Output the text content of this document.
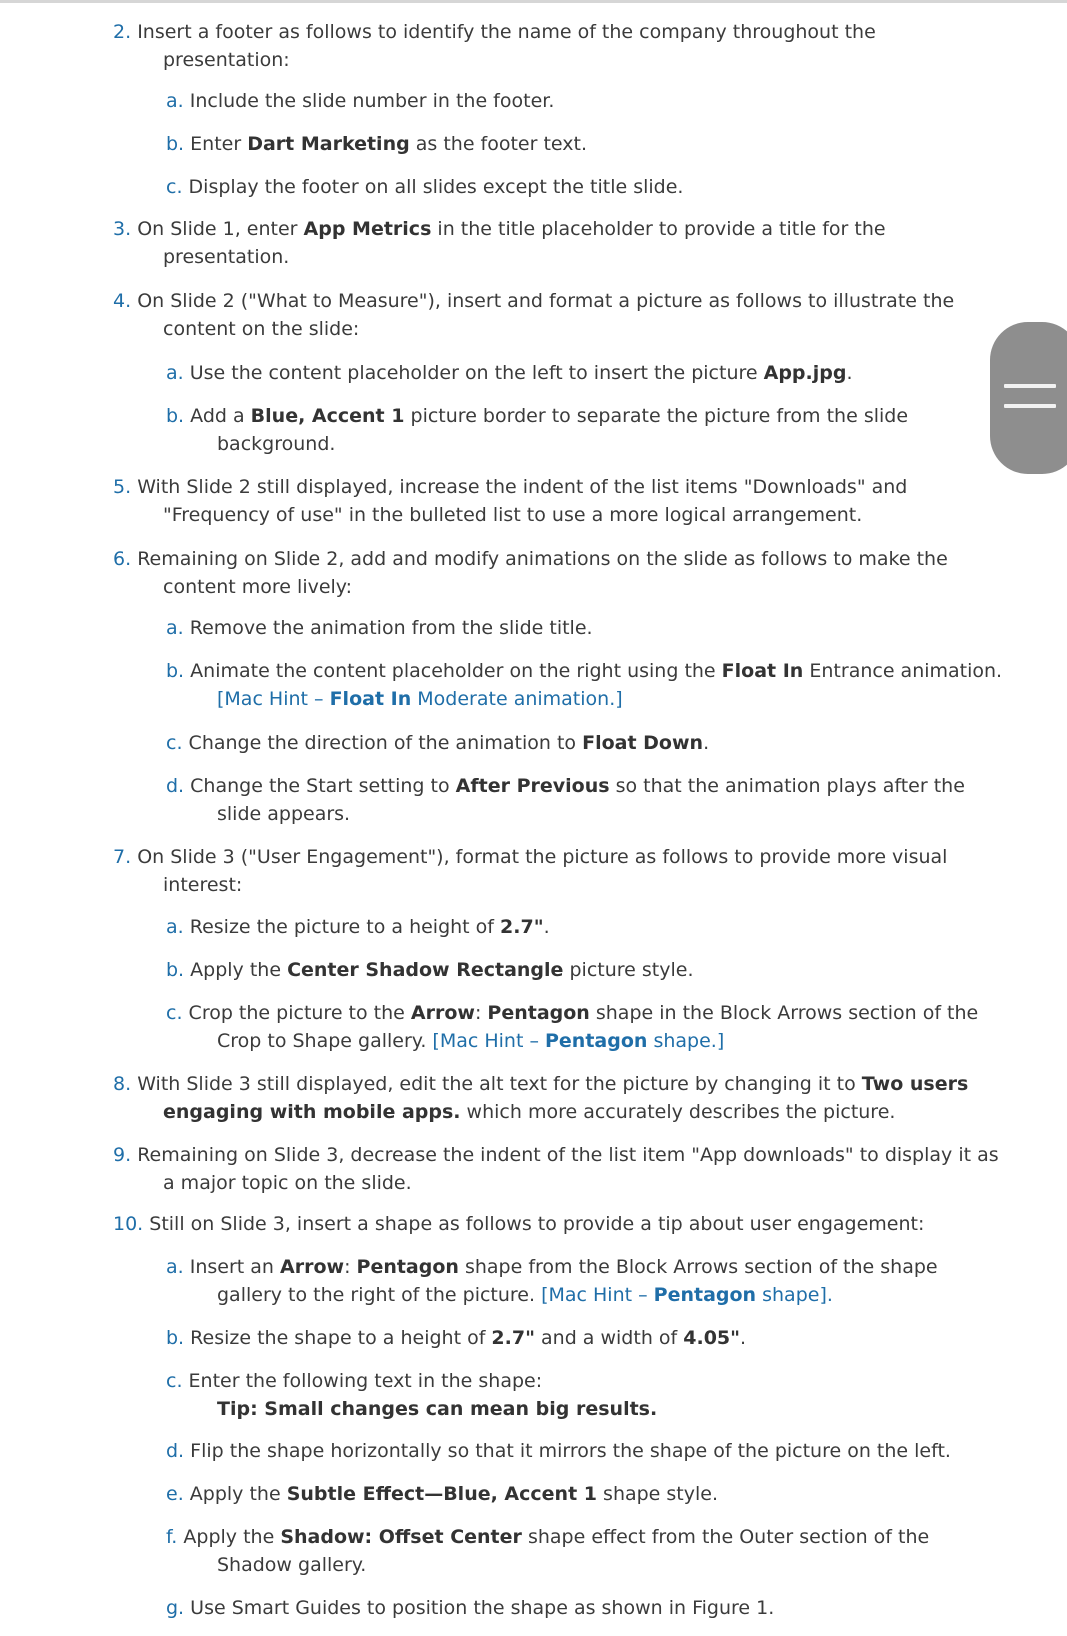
2. Insert a footer as follows to identify the name of the company throughout the
presentation:
a. Include the slide number in the footer.
b. Enter Dart Marketing as the footer text.
c. Display the footer on all slides except the title slide.
3. On Slide 1, enter App Metrics in the title placeholder to provide a title for the
presentation.
4. On Slide 2 ("What to Measure"), insert and format a picture as follows to illustrate the
content on the slide:
a. Use the content placeholder on the left to insert the picture App.jpg.
b. Add a Blue, Accent 1 picture border to separate the picture from the slide
background.
5. With Slide 2 still displayed, increase the indent of the list items "Downloads" and
"Frequency of use" in the bulleted list to use a more logical arrangement.
6. Remaining on Slide 2, add and modify animations on the slide as follows to make the
content more lively:
a. Remove the animation from the slide title.
b. Animate the content placeholder on the right using the Float In Entrance animation.
[Mac Hint – Float In Moderate animation.]
c. Change the direction of the animation to Float Down.
d. Change the Start setting to After Previous so that the animation plays after the
slide appears.
7. On Slide 3 ("User Engagement"), format the picture as follows to provide more visual
interest:
a. Resize the picture to a height of 2.7".
b. Apply the Center Shadow Rectangle picture style.
c. Crop the picture to the Arrow: Pentagon shape in the Block Arrows section of the
Crop to Shape gallery. [Mac Hint – Pentagon shape.]
8. With Slide 3 still displayed, edit the alt text for the picture by changing it to Two users
engaging with mobile apps. which more accurately describes the picture.
9. Remaining on Slide 3, decrease the indent of the list item "App downloads" to display it as
a major topic on the slide.
10. Still on Slide 3, insert a shape as follows to provide a tip about user engagement:
a. Insert an Arrow: Pentagon shape from the Block Arrows section of the shape
gallery to the right of the picture. [Mac Hint – Pentagon shape].
b. Resize the shape to a height of 2.7" and a width of 4.05".
c. Enter the following text in the shape:
Tip: Small changes can mean big results.
d. Flip the shape horizontally so that it mirrors the shape of the picture on the left.
e. Apply the Subtle Effect—Blue, Accent 1 shape style.
f. Apply the Shadow: Offset Center shape effect from the Outer section of the
Shadow gallery.
g. Use Smart Guides to position the shape as shown in Figure 1.
